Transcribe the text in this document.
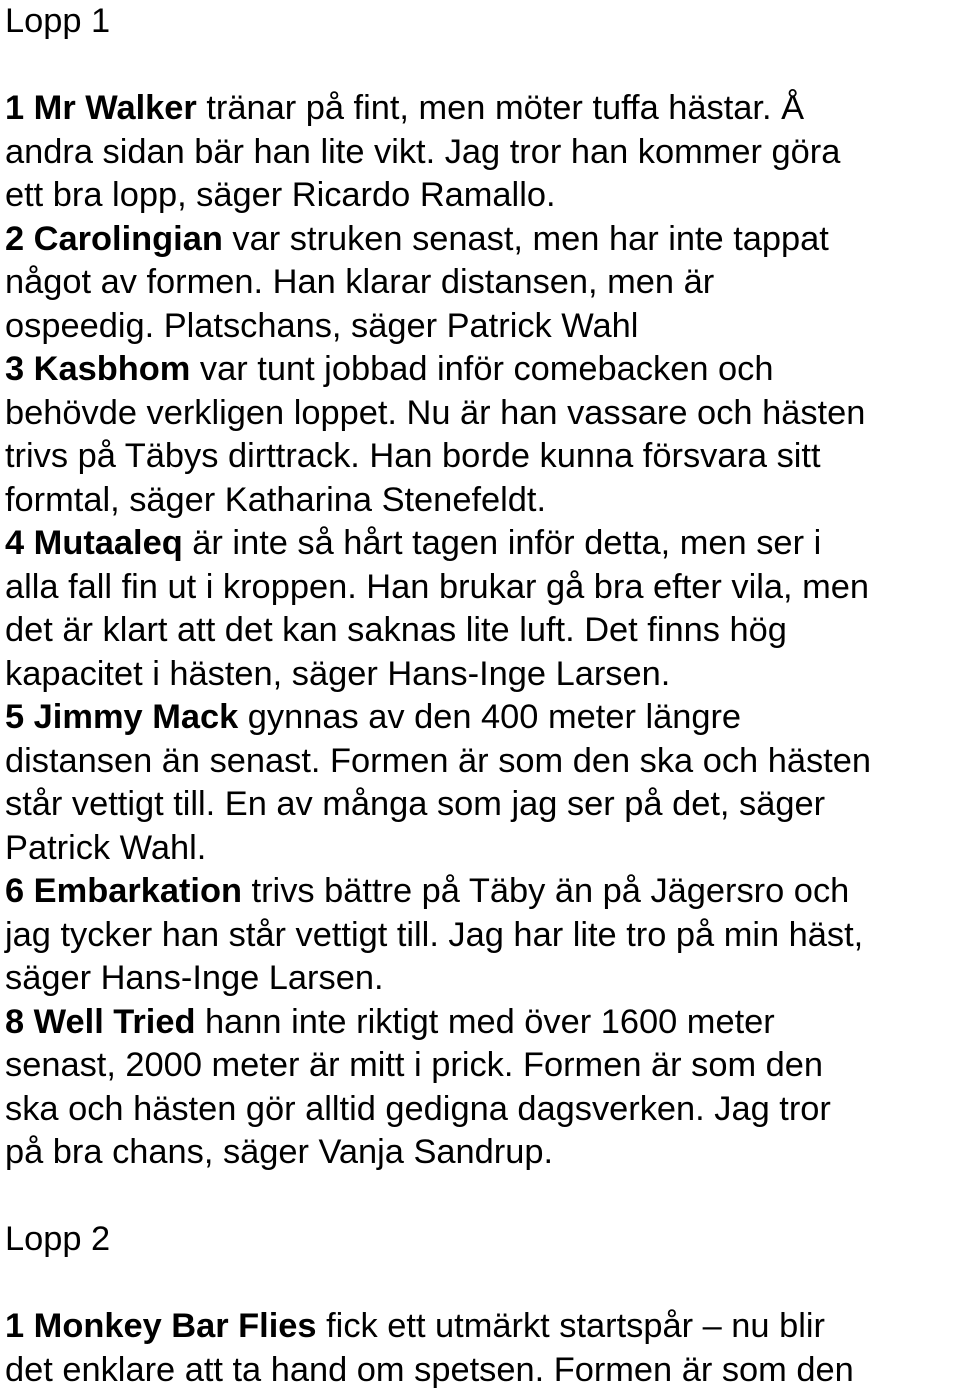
Lopp 1

1 Mr Walker tränar på fint, men möter tuffa hästar. Å
andra sidan bär han lite vikt. Jag tror han kommer göra
ett bra lopp, säger Ricardo Ramallo.

2 Carolingian var struken senast, men har inte tappat
något av formen. Han klarar distansen, men är
ospeedig. Platschans, säger Patrick Wahl

3 Kasbhom var tunt jobbad inför comebacken och
behövde verkligen loppet. Nu är han vassare och hästen
trivs på Täbys dirttrack. Han borde kunna försvara sitt
formtal, säger Katharina Stenefeldt.

4 Mutaaleq är inte så hårt tagen inför detta, men ser i
alla fall fin ut i kroppen. Han brukar gå bra efter vila, men
det är klart att det kan saknas lite luft. Det finns hög
kapacitet i hästen, säger Hans-Inge Larsen.

5 Jimmy Mack gynnas av den 400 meter längre
distansen än senast. Formen är som den ska och hästen
står vettigt till. En av många som jag ser på det, säger
Patrick Wahl.

6 Embarkation trivs bättre på Täby än på Jägersro och
jag tycker han står vettigt till. Jag har lite tro på min häst,
säger Hans-Inge Larsen.

8 Well Tried hann inte riktigt med över 1600 meter
senast, 2000 meter är mitt i prick. Formen är som den
ska och hästen gör alltid gedigna dagsverken. Jag tror
på bra chans, säger Vanja Sandrup.

Lopp 2

1 Monkey Bar Flies fick ett utmärkt startspår – nu blir
det enklare att ta hand om spetsen. Formen är som den
